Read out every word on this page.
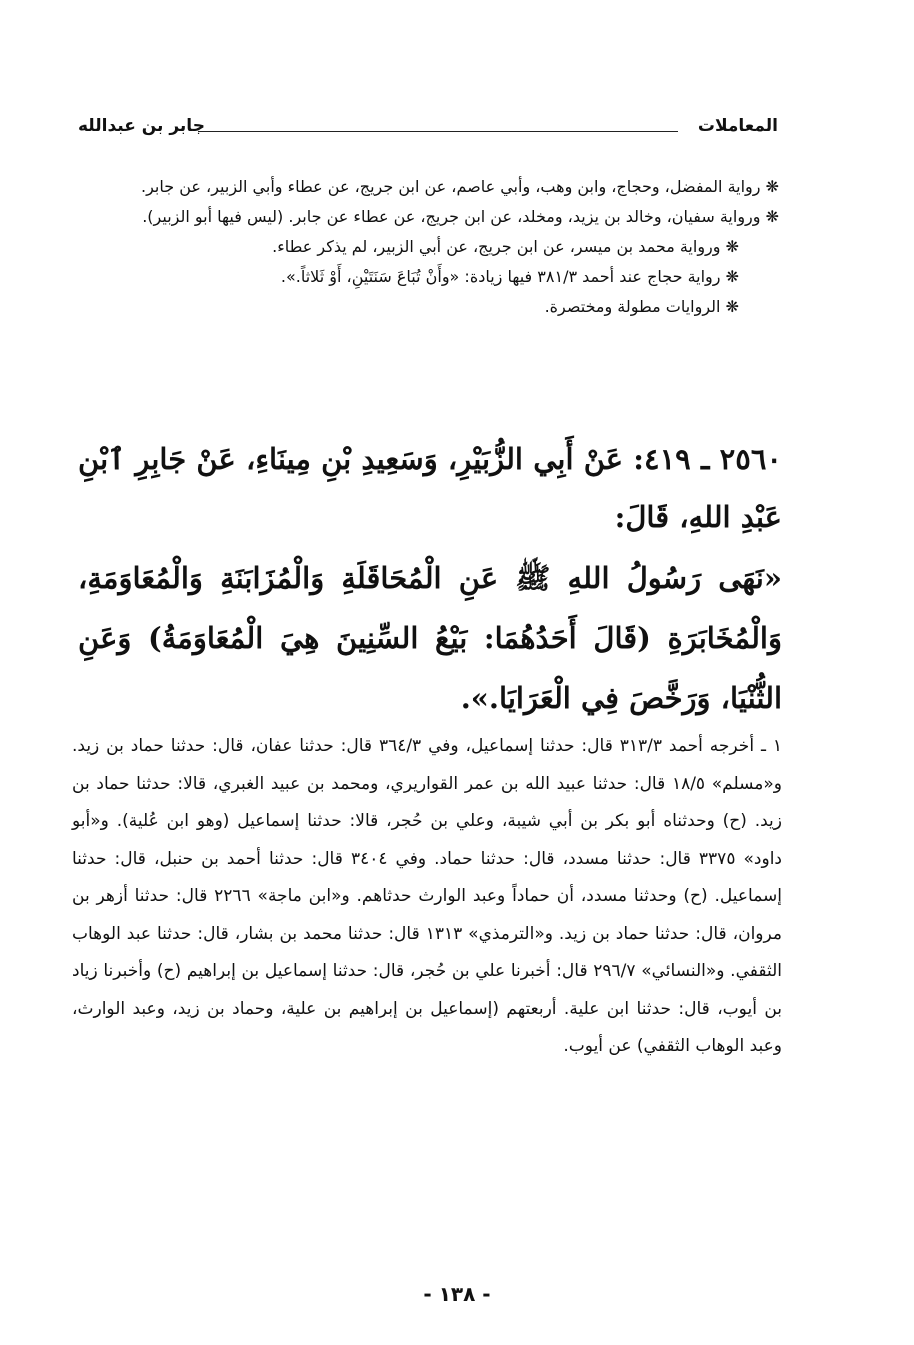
المعاملات
جابر بن عبدالله

❋ رواية المفضل، وحجاج، وابن وهب، وأبي عاصم، عن ابن جريج، عن عطاء وأبي الزبير، عن جابر.

❋ ورواية سفيان، وخالد بن يزيد، ومخلد، عن ابن جريج، عن عطاء عن جابر. (ليس فيها أبو الزبير).

❋ ورواية محمد بن ميسر، عن ابن جريج، عن أبي الزبير، لم يذكر عطاء.

❋ رواية حجاج عند أحمد ٣٨١/٣ فيها زيادة: «وأَنْ تُبَاعَ سَنَتَيْنِ، أَوْ ثَلاثاً.».

❋ الروايات مطولة ومختصرة.

٢٥٦٠ ـ ٤١٩: عَنْ أَبِي الزُّبَيْرِ، وَسَعِيدِ بْنِ مِينَاءِ، عَنْ جَابِرِ ٱبْنِ عَبْدِ اللهِ، قَالَ:
«نَهَى رَسُولُ اللهِ ﷺ عَنِ الْمُحَاقَلَةِ وَالْمُزَابَنَةِ وَالْمُعَاوَمَةِ، وَالْمُخَابَرَةِ (قَالَ أَحَدُهُمَا: بَيْعُ السِّنِينَ هِيَ الْمُعَاوَمَةُ) وَعَنِ الثُّنْيَا، وَرَخَّصَ فِي الْعَرَايَا.».

١ ـ أخرجه أحمد ٣١٣/٣ قال: حدثنا إسماعيل، وفي ٣٦٤/٣ قال: حدثنا عفان، قال: حدثنا حماد بن زيد. و«مسلم» ١٨/٥ قال: حدثنا عبيد الله بن عمر القواريري، ومحمد بن عبيد الغبري، قالا: حدثنا حماد بن زيد. (ح) وحدثناه أبو بكر بن أبي شيبة، وعلي بن حُجر، قالا: حدثنا إسماعيل (وهو ابن عُلية). و«أبو داود» ٣٣٧٥ قال: حدثنا مسدد، قال: حدثنا حماد. وفي ٣٤٠٤ قال: حدثنا أحمد بن حنبل، قال: حدثنا إسماعيل. (ح) وحدثنا مسدد، أن حماداً وعبد الوارث حدثاهم. و«ابن ماجة» ٢٢٦٦ قال: حدثنا أزهر بن مروان، قال: حدثنا حماد بن زيد. و«الترمذي» ١٣١٣ قال: حدثنا محمد بن بشار، قال: حدثنا عبد الوهاب الثقفي. و«النسائي» ٢٩٦/٧ قال: أخبرنا علي بن حُجر، قال: حدثنا إسماعيل بن إبراهيم (ح) وأخبرنا زياد بن أيوب، قال: حدثنا ابن علية. أربعتهم (إسماعيل بن إبراهيم بن علية، وحماد بن زيد، وعبد الوارث، وعبد الوهاب الثقفي) عن أيوب.

- ١٣٨ -
